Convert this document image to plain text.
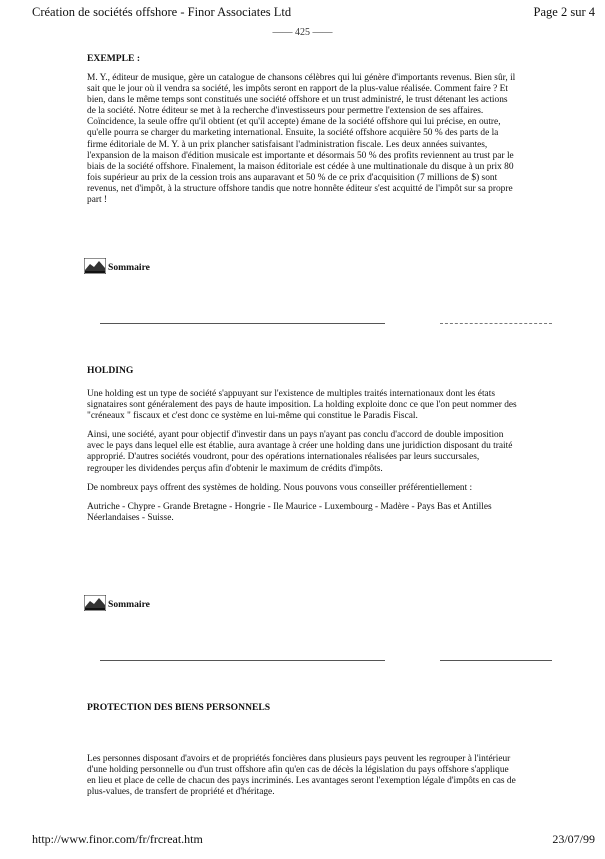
Création de sociétés offshore - Finor Associates Ltd	Page 2 sur 4
—— 425 ——
EXEMPLE :

M. Y., éditeur de musique, gère un catalogue de chansons célèbres qui lui génère d'importants revenus. Bien sûr, il sait que le jour où il vendra sa société, les impôts seront en rapport de la plus-value réalisée. Comment faire ? Et bien, dans le même temps sont constitués une société offshore et un trust administré, le trust détenant les actions de la société. Notre éditeur se met à la recherche d'investisseurs pour permettre l'extension de ses affaires. Coïncidence, la seule offre qu'il obtient (et qu'il accepte) émane de la société offshore qui lui précise, en outre, qu'elle pourra se charger du marketing international. Ensuite, la société offshore acquière 50 % des parts de la firme éditoriale de M. Y. à un prix plancher satisfaisant l'administration fiscale. Les deux années suivantes, l'expansion de la maison d'édition musicale est importante et désormais 50 % des profits reviennent au trust par le biais de la société offshore. Finalement, la maison éditoriale est cédée à une multinationale du disque à un prix 80 fois supérieur au prix de la cession trois ans auparavant et 50 % de ce prix d'acquisition (7 millions de $) sont revenus, net d'impôt, à la structure offshore tandis que notre honnête éditeur s'est acquitté de l'impôt sur sa propre part !

Sommaire
HOLDING

Une holding est un type de société s'appuyant sur l'existence de multiples traités internationaux dont les états signataires sont généralement des pays de haute imposition. La holding exploite donc ce que l'on peut nommer des "créneaux " fiscaux et c'est donc ce système en lui-même qui constitue le Paradis Fiscal.

Ainsi, une société, ayant pour objectif d'investir dans un pays n'ayant pas conclu d'accord de double imposition avec le pays dans lequel elle est établie, aura avantage à créer une holding dans une juridiction disposant du traité approprié. D'autres sociétés voudront, pour des opérations internationales réalisées par leurs succursales, regrouper les dividendes perçus afin d'obtenir le maximum de crédits d'impôts.

De nombreux pays offrent des systèmes de holding. Nous pouvons vous conseiller préférentiellement :

Autriche - Chypre - Grande Bretagne - Hongrie - Ile Maurice - Luxembourg - Madère - Pays Bas et Antilles Néerlandaises - Suisse.

Sommaire
PROTECTION DES BIENS PERSONNELS

Les personnes disposant d'avoirs et de propriétés foncières dans plusieurs pays peuvent les regrouper à l'intérieur d'une holding personnelle ou d'un trust offshore afin qu'en cas de décès la législation du pays offshore s'applique en lieu et place de celle de chacun des pays incriminés. Les avantages seront l'exemption légale d'impôts en cas de plus-values, de transfert de propriété et d'héritage.

http://www.finor.com/fr/frcreat.htm	23/07/99
